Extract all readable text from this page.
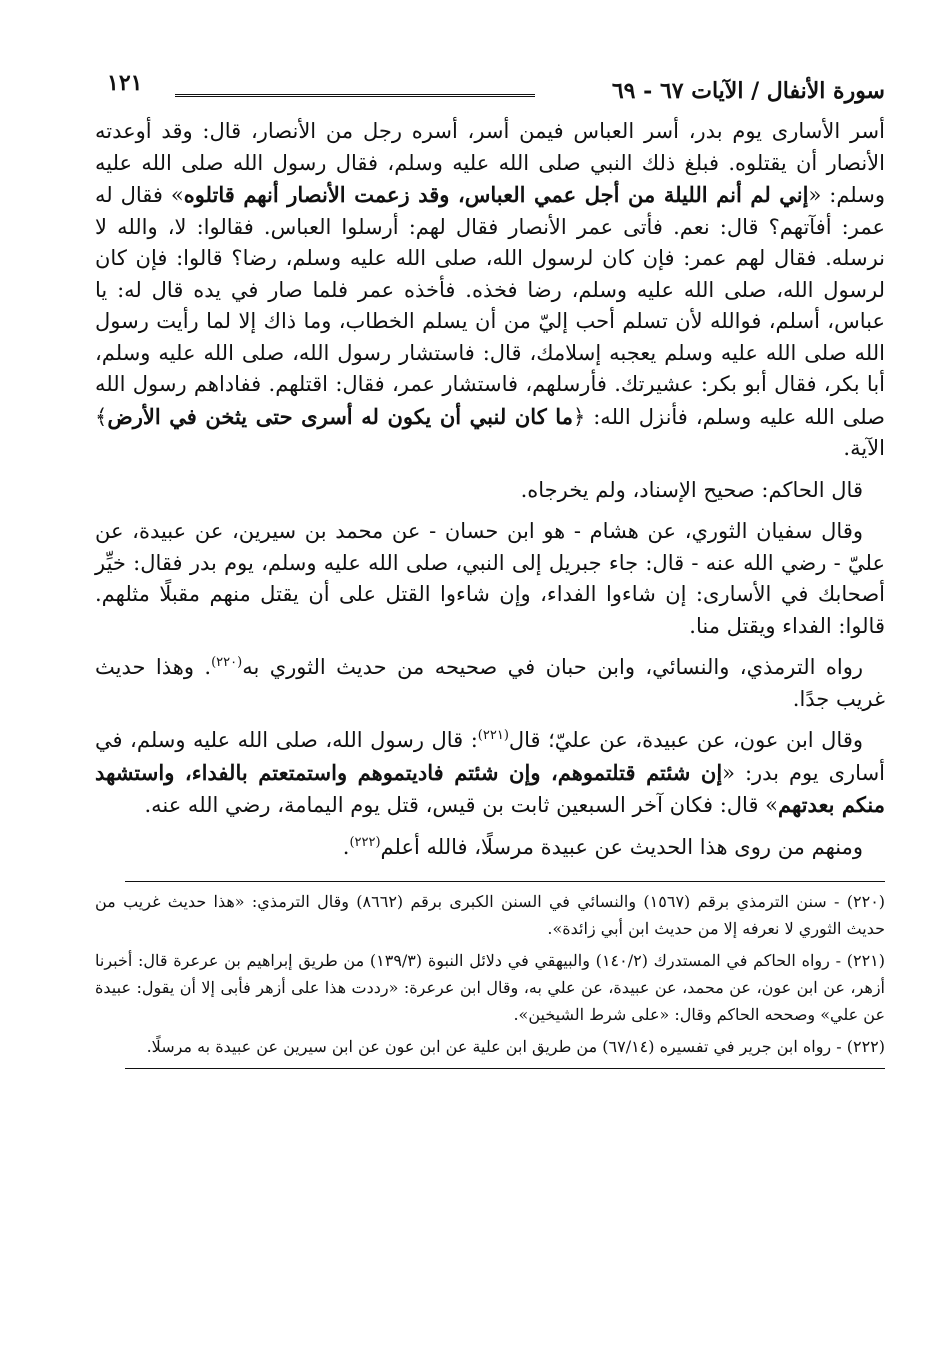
سورة الأنفال / الآيات ٦٧ - ٦٩
١٢١

أسر الأسارى يوم بدر، أسر العباس فيمن أسر، أسره رجل من الأنصار، قال: وقد أوعدته الأنصار أن يقتلوه. فبلغ ذلك النبي صلى الله عليه وسلم، فقال رسول الله صلى الله عليه وسلم: «إني لم أنم الليلة من أجل عمي العباس، وقد زعمت الأنصار أنهم قاتلوه» فقال له عمر: أفآتهم؟ قال: نعم. فأتى عمر الأنصار فقال لهم: أرسلوا العباس. فقالوا: لا، والله لا نرسله. فقال لهم عمر: فإن كان لرسول الله، صلى الله عليه وسلم، رضا؟ قالوا: فإن كان لرسول الله، صلى الله عليه وسلم، رضا فخذه. فأخذه عمر فلما صار في يده قال له: يا عباس، أسلم، فوالله لأن تسلم أحب إليّ من أن يسلم الخطاب، وما ذاك إلا لما رأيت رسول الله صلى الله عليه وسلم يعجبه إسلامك، قال: فاستشار رسول الله، صلى الله عليه وسلم، أبا بكر، فقال أبو بكر: عشيرتك. فأرسلهم، فاستشار عمر، فقال: اقتلهم. ففاداهم رسول الله صلى الله عليه وسلم، فأنزل الله: ﴿ما كان لنبي أن يكون له أسرى حتى يثخن في الأرض﴾ الآية.

قال الحاكم: صحيح الإسناد، ولم يخرجاه.

وقال سفيان الثوري، عن هشام - هو ابن حسان - عن محمد بن سيرين، عن عبيدة، عن عليّ - رضي الله عنه - قال: جاء جبريل إلى النبي، صلى الله عليه وسلم، يوم بدر فقال: خيِّر أصحابك في الأسارى: إن شاءوا الفداء، وإن شاءوا القتل على أن يقتل منهم مقبلًا مثلهم. قالوا: الفداء ويقتل منا.

رواه الترمذي، والنسائي، وابن حبان في صحيحه من حديث الثوري به$^{(٢٢٠)}$. وهذا حديث غريب جدًا.

وقال ابن عون، عن عبيدة، عن عليّ؛ قال$^{(٢٢١)}$: قال رسول الله، صلى الله عليه وسلم، في أسارى يوم بدر: «إن شئتم قتلتموهم، وإن شئتم فاديتموهم واستمتعتم بالفداء، واستشهد منكم بعدتهم» قال: فكان آخر السبعين ثابت بن قيس، قتل يوم اليمامة، رضي الله عنه.

ومنهم من روى هذا الحديث عن عبيدة مرسلًا، فالله أعلم$^{(٢٢٢)}$.

(٢٢٠) - سنن الترمذي برقم (١٥٦٧) والنسائي في السنن الكبرى برقم (٨٦٦٢) وقال الترمذي: «هذا حديث غريب من حديث الثوري لا نعرفه إلا من حديث ابن أبي زائدة».

(٢٢١) - رواه الحاكم في المستدرك (١٤٠/٢) والبيهقي في دلائل النبوة (١٣٩/٣) من طريق إبراهيم بن عرعرة قال: أخبرنا أزهر، عن ابن عون، عن محمد، عن عبيدة، عن علي به، وقال ابن عرعرة: «رددت هذا على أزهر فأبى إلا أن يقول: عبيدة عن علي» وصححه الحاكم وقال: «على شرط الشيخين».

(٢٢٢) - رواه ابن جرير في تفسيره (٦٧/١٤) من طريق ابن علية عن ابن عون عن ابن سيرين عن عبيدة به مرسلًا.
